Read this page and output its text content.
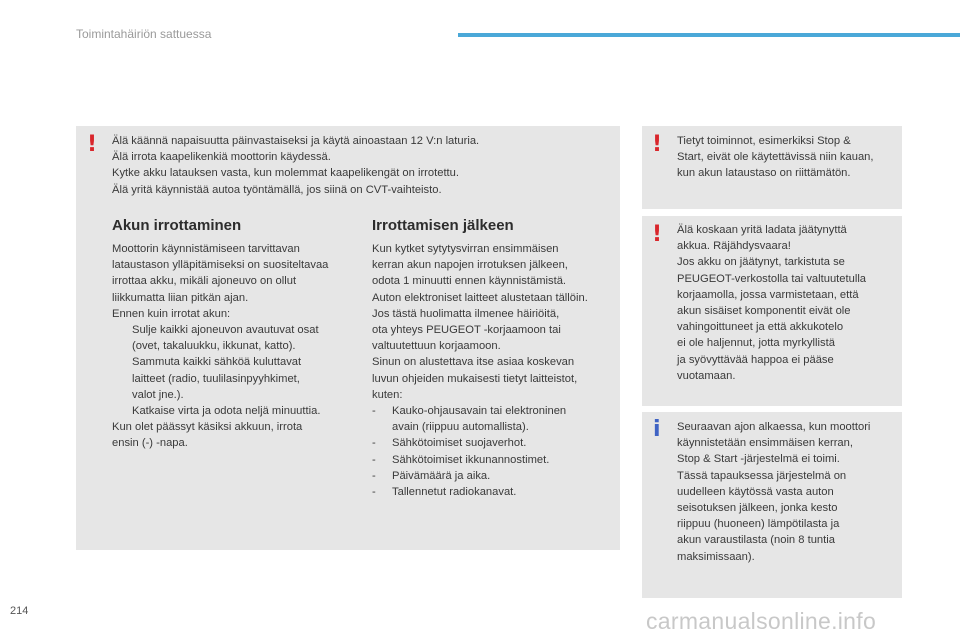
Toimintahäiriön sattuessa
! Älä käännä napaisuutta päinvastaiseksi ja käytä ainoastaan 12 V:n laturia.
Älä irrota kaapelikenkiä moottorin käydessä.
Kytke akku latauksen vasta, kun molemmat kaapelikengät on irrotettu.
Älä yritä käynnistää autoa työntämällä, jos siinä on CVT-vaihteisto.
Akun irrottaminen
Moottorin käynnistämiseen tarvittavan
lataustason ylläpitämiseksi on suositeltavaa
irrottaa akku, mikäli ajoneuvo on ollut
liikkumatta liian pitkän ajan.
Ennen kuin irrotat akun:
Sulje kaikki ajoneuvon avautuvat osat
(ovet, takaluukku, ikkunat, katto).
Sammuta kaikki sähköä kuluttavat
laitteet (radio, tuulilasinpyyhkimet,
valot jne.).
Katkaise virta ja odota neljä minuuttia.
Kun olet päässyt käsiksi akkuun, irrota
ensin (-) -napa.
Irrottamisen jälkeen
Kun kytket sytytysvirran ensimmäisen
kerran akun napojen irrotuksen jälkeen,
odota 1 minuutti ennen käynnistämistä.
Auton elektroniset laitteet alustetaan tällöin.
Jos tästä huolimatta ilmenee häiriöitä,
ota yhteys PEUGEOT -korjaamoon tai
valtuutettuun korjaamoon.
Sinun on alustettava itse asiaa koskevan
luvun ohjeiden mukaisesti tietyt laitteistot,
kuten:
- Kauko-ohjausavain tai elektroninen
avain (riippuu automallista).
- Sähkötoimiset suojaverhot.
- Sähkötoimiset ikkunannostimet.
- Päivämäärä ja aika.
- Tallennetut radiokanavat.
! Tietyt toiminnot, esimerkiksi Stop &
Start, eivät ole käytettävissä niin kauan,
kun akun lataustaso on riittämätön.
! Älä koskaan yritä ladata jäätynyttä
akkua. Räjähdysvaara!
Jos akku on jäätynyt, tarkistuta se
PEUGEOT-verkostolla tai valtuutetulla
korjaamolla, jossa varmistetaan, että
akun sisäiset komponentit eivät ole
vahingoittuneet ja että akkukotelo
ei ole haljennut, jotta myrkyllistä
ja syövyttävää happoa ei pääse
vuotamaan.
i Seuraavan ajon alkaessa, kun moottori
käynnistetään ensimmäisen kerran,
Stop & Start -järjestelmä ei toimi.
Tässä tapauksessa järjestelmä on
uudelleen käytössä vasta auton
seisotuksen jälkeen, jonka kesto
riippuu (huoneen) lämpötilasta ja
akun varaustilasta (noin 8 tuntia
maksimissaan).
214	carmanualsonline.info
